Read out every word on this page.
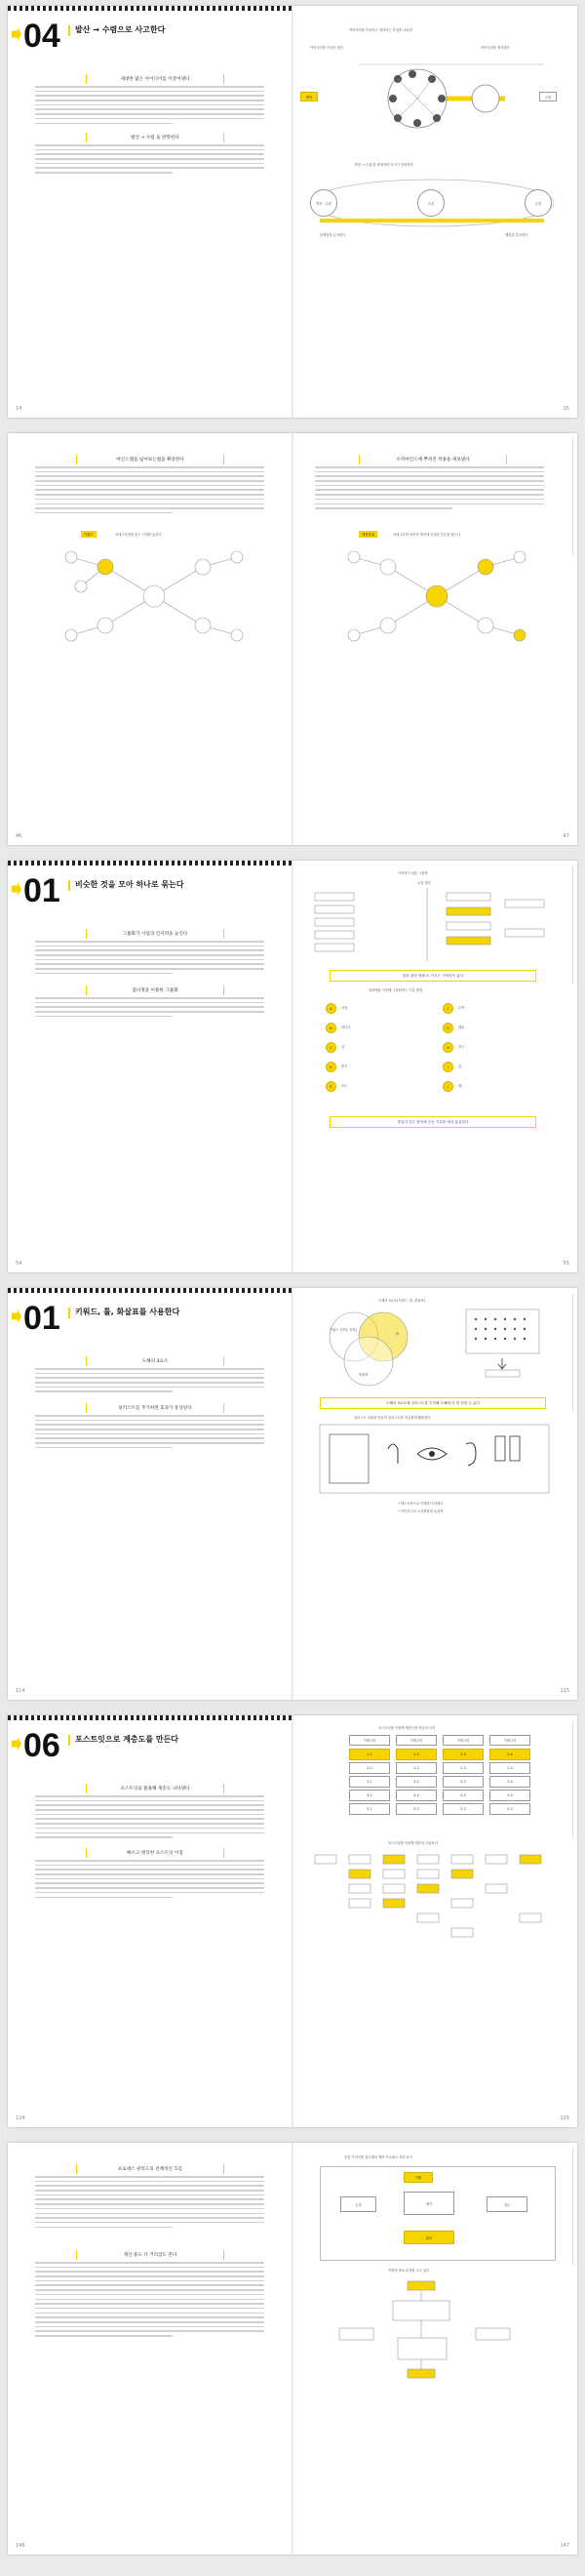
04	발산 → 수렴으로 사고한다
세대한 많은 아이디어를 이끌어낸다
발산 → 수렴 을 반복한다
아이디어를 이끌어고 정리하는 작업을 나타낸
아이디어를 이끌어 낸다	아이디어를 정리한다
발산	수렴
'발산 → 수렴'을 반복하면 사고가 진화한다
발산 - 수렴	수렴	수렴
문제점을 분석한다	해결을 분석한다
14	15
마인드맵을 넓어보는법을 확장한다
키워드	마에그다양을 넣는 시야를 넓힌다
수직마인드에 뿌려진 작용을 세보낸다
제목단위	마에그다양 보면서 영어에 특정된 부분을 찾는다
46	47
01	비슷한 것을 모아 하나로 묶는다
그룹화가 사업의 인지력을 높인다
잡녀정을 이용한 그룹화
기억하기 쉬운 그룹화
소설 계산
결과 관련 형태 소 가오는 기억력이 좋다
알파벳을 이용해 그룹화하는 기본 방법
A	사과
B	바나나
C	귤
D	딸기
E	포도
F	수박
G	레몬
H	망고
I	감
J	배
종류가 같은 항목에 같은 기호를 매겨 분류한다
54	55
01	키워드, 툴, 화살표를 사용한다
도해의 3요소
일러스트를 추가하면 효과가 통상된다
도해의 3요소(키워드, 툴, 화살표)
키워드 (단어, 문장)
툴
화살표
도해의 3요소에 일러스트를 추가해 도해에 더 잘 전달 수 있다
일러스트 심볼을 만들어 일러스트를 자유롭게 활용한다
• 텍스트만으로 이해하기 어렵다
• 아이콘으로 시각화하면 효과적
114	115
06	포스트잇으로 계층도를 만든다
포스트잇을 활용해 계층도 나타낸다
빠르고 편리한 포스트잇 이점
포스트잇을 이용해 계층도를 만들어 보자
카테고리	카테고리	카테고리	카테고리
1-1	1-2	1-3	1-4
2-1	2-2	2-3	2-4
3-1	3-2	3-3	3-4
4-1	4-2	4-3	4-4
5-1	5-2	5-3	5-4
포스트잇을 이용해 계층을 나눠보자
124	125
프로세스 관리도의 전체적인 흐름
계산 용도 더 거리감도 본다
중심 이미지를 참고해서 제작 프로세스 정리 표기
기획
제작	검수
수정
완료
직원을 바로 분석할 수도 있다
146	147
